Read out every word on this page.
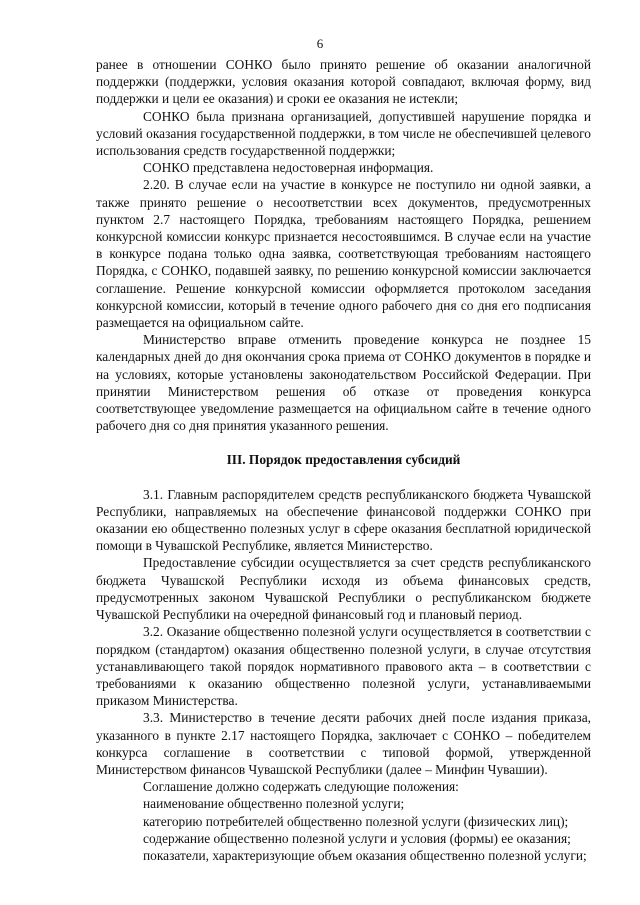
6

ранее в отношении СОНКО было принято решение об оказании аналогичной поддержки (поддержки, условия оказания которой совпадают, включая форму, вид поддержки и цели ее оказания) и сроки ее оказания не истекли;

СОНКО была признана организацией, допустившей нарушение порядка и условий оказания государственной поддержки, в том числе не обеспечившей целевого использования средств государственной поддержки;

СОНКО представлена недостоверная информация.

2.20. В случае если на участие в конкурсе не поступило ни одной заявки, а также принято решение о несоответствии всех документов, предусмотренных пунктом 2.7 настоящего Порядка, требованиям настоящего Порядка, решением конкурсной комиссии конкурс признается несостоявшимся. В случае если на участие в конкурсе подана только одна заявка, соответствующая требованиям настоящего Порядка, с СОНКО, подавшей заявку, по решению конкурсной комиссии заключается соглашение. Решение конкурсной комиссии оформляется протоколом заседания конкурсной комиссии, который в течение одного рабочего дня со дня его подписания размещается на официальном сайте.

Министерство вправе отменить проведение конкурса не позднее 15 календарных дней до дня окончания срока приема от СОНКО документов в порядке и на условиях, которые установлены законодательством Российской Федерации. При принятии Министерством решения об отказе от проведения конкурса соответствующее уведомление размещается на официальном сайте в течение одного рабочего дня со дня принятия указанного решения.

III. Порядок предоставления субсидий

3.1. Главным распорядителем средств республиканского бюджета Чувашской Республики, направляемых на обеспечение финансовой поддержки СОНКО при оказании ею общественно полезных услуг в сфере оказания бесплатной юридической помощи в Чувашской Республике, является Министерство.

Предоставление субсидии осуществляется за счет средств республиканского бюджета Чувашской Республики исходя из объема финансовых средств, предусмотренных законом Чувашской Республики о республиканском бюджете Чувашской Республики на очередной финансовый год и плановый период.

3.2. Оказание общественно полезной услуги осуществляется в соответствии с порядком (стандартом) оказания общественно полезной услуги, в случае отсутствия устанавливающего такой порядок нормативного правового акта – в соответствии с требованиями к оказанию общественно полезной услуги, устанавливаемыми приказом Министерства.

3.3. Министерство в течение десяти рабочих дней после издания приказа, указанного в пункте 2.17 настоящего Порядка, заключает с СОНКО – победителем конкурса соглашение в соответствии с типовой формой, утвержденной Министерством финансов Чувашской Республики (далее – Минфин Чувашии).

Соглашение должно содержать следующие положения:

наименование общественно полезной услуги;

категорию потребителей общественно полезной услуги (физических лиц);

содержание общественно полезной услуги и условия (формы) ее оказания;

показатели, характеризующие объем оказания общественно полезной услуги;
